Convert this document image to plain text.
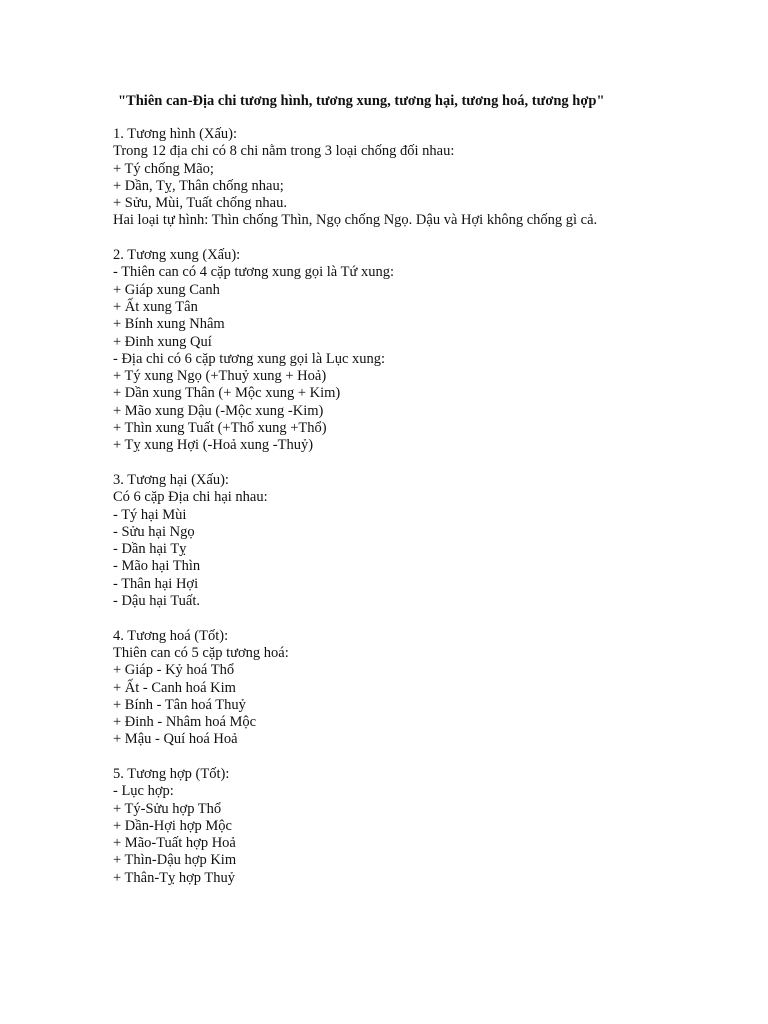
"Thiên can-Địa chi tương hình, tương xung, tương hại, tương hoá, tương hợp"
1. Tương hình (Xấu):
Trong 12 địa chi có 8 chi nằm trong 3 loại chống đối nhau:
+ Tý chống Mão;
+ Dần, Tỵ, Thân chống nhau;
+ Sửu, Mùi, Tuất chống nhau.
Hai loại tự hình: Thìn chống Thìn, Ngọ chống Ngọ. Dậu và Hợi không chống gì cả.
2. Tương xung (Xấu):
- Thiên can có 4 cặp tương xung gọi là Tứ xung:
+ Giáp xung Canh
+ Ất xung Tân
+ Bính xung Nhâm
+ Đinh xung Quí
- Địa chi có 6 cặp tương xung gọi là Lục xung:
+ Tý xung Ngọ (+Thuỷ xung + Hoả)
+ Dần xung Thân (+ Mộc xung + Kim)
+ Mão xung Dậu (-Mộc xung -Kim)
+ Thìn xung Tuất (+Thổ xung +Thổ)
+ Tỵ xung Hợi (-Hoả xung -Thuỷ)
3. Tương hại (Xấu):
Có 6 cặp Địa chi hại nhau:
- Tý hại Mùi
- Sửu hại Ngọ
- Dần hại Tỵ
- Mão hại Thìn
- Thân hại Hợi
- Dậu hại Tuất.
4. Tương hoá (Tốt):
Thiên can có 5 cặp tương hoá:
+ Giáp - Kỷ hoá Thổ
+ Ất - Canh hoá Kim
+ Bính - Tân hoá Thuỷ
+ Đinh - Nhâm hoá Mộc
+ Mậu - Quí hoá Hoả
5. Tương hợp (Tốt):
- Lục hợp:
+ Tý-Sửu hợp Thổ
+ Dần-Hợi hợp Mộc
+ Mão-Tuất hợp Hoả
+ Thìn-Dậu hợp Kim
+ Thân-Tỵ hợp Thuỷ
